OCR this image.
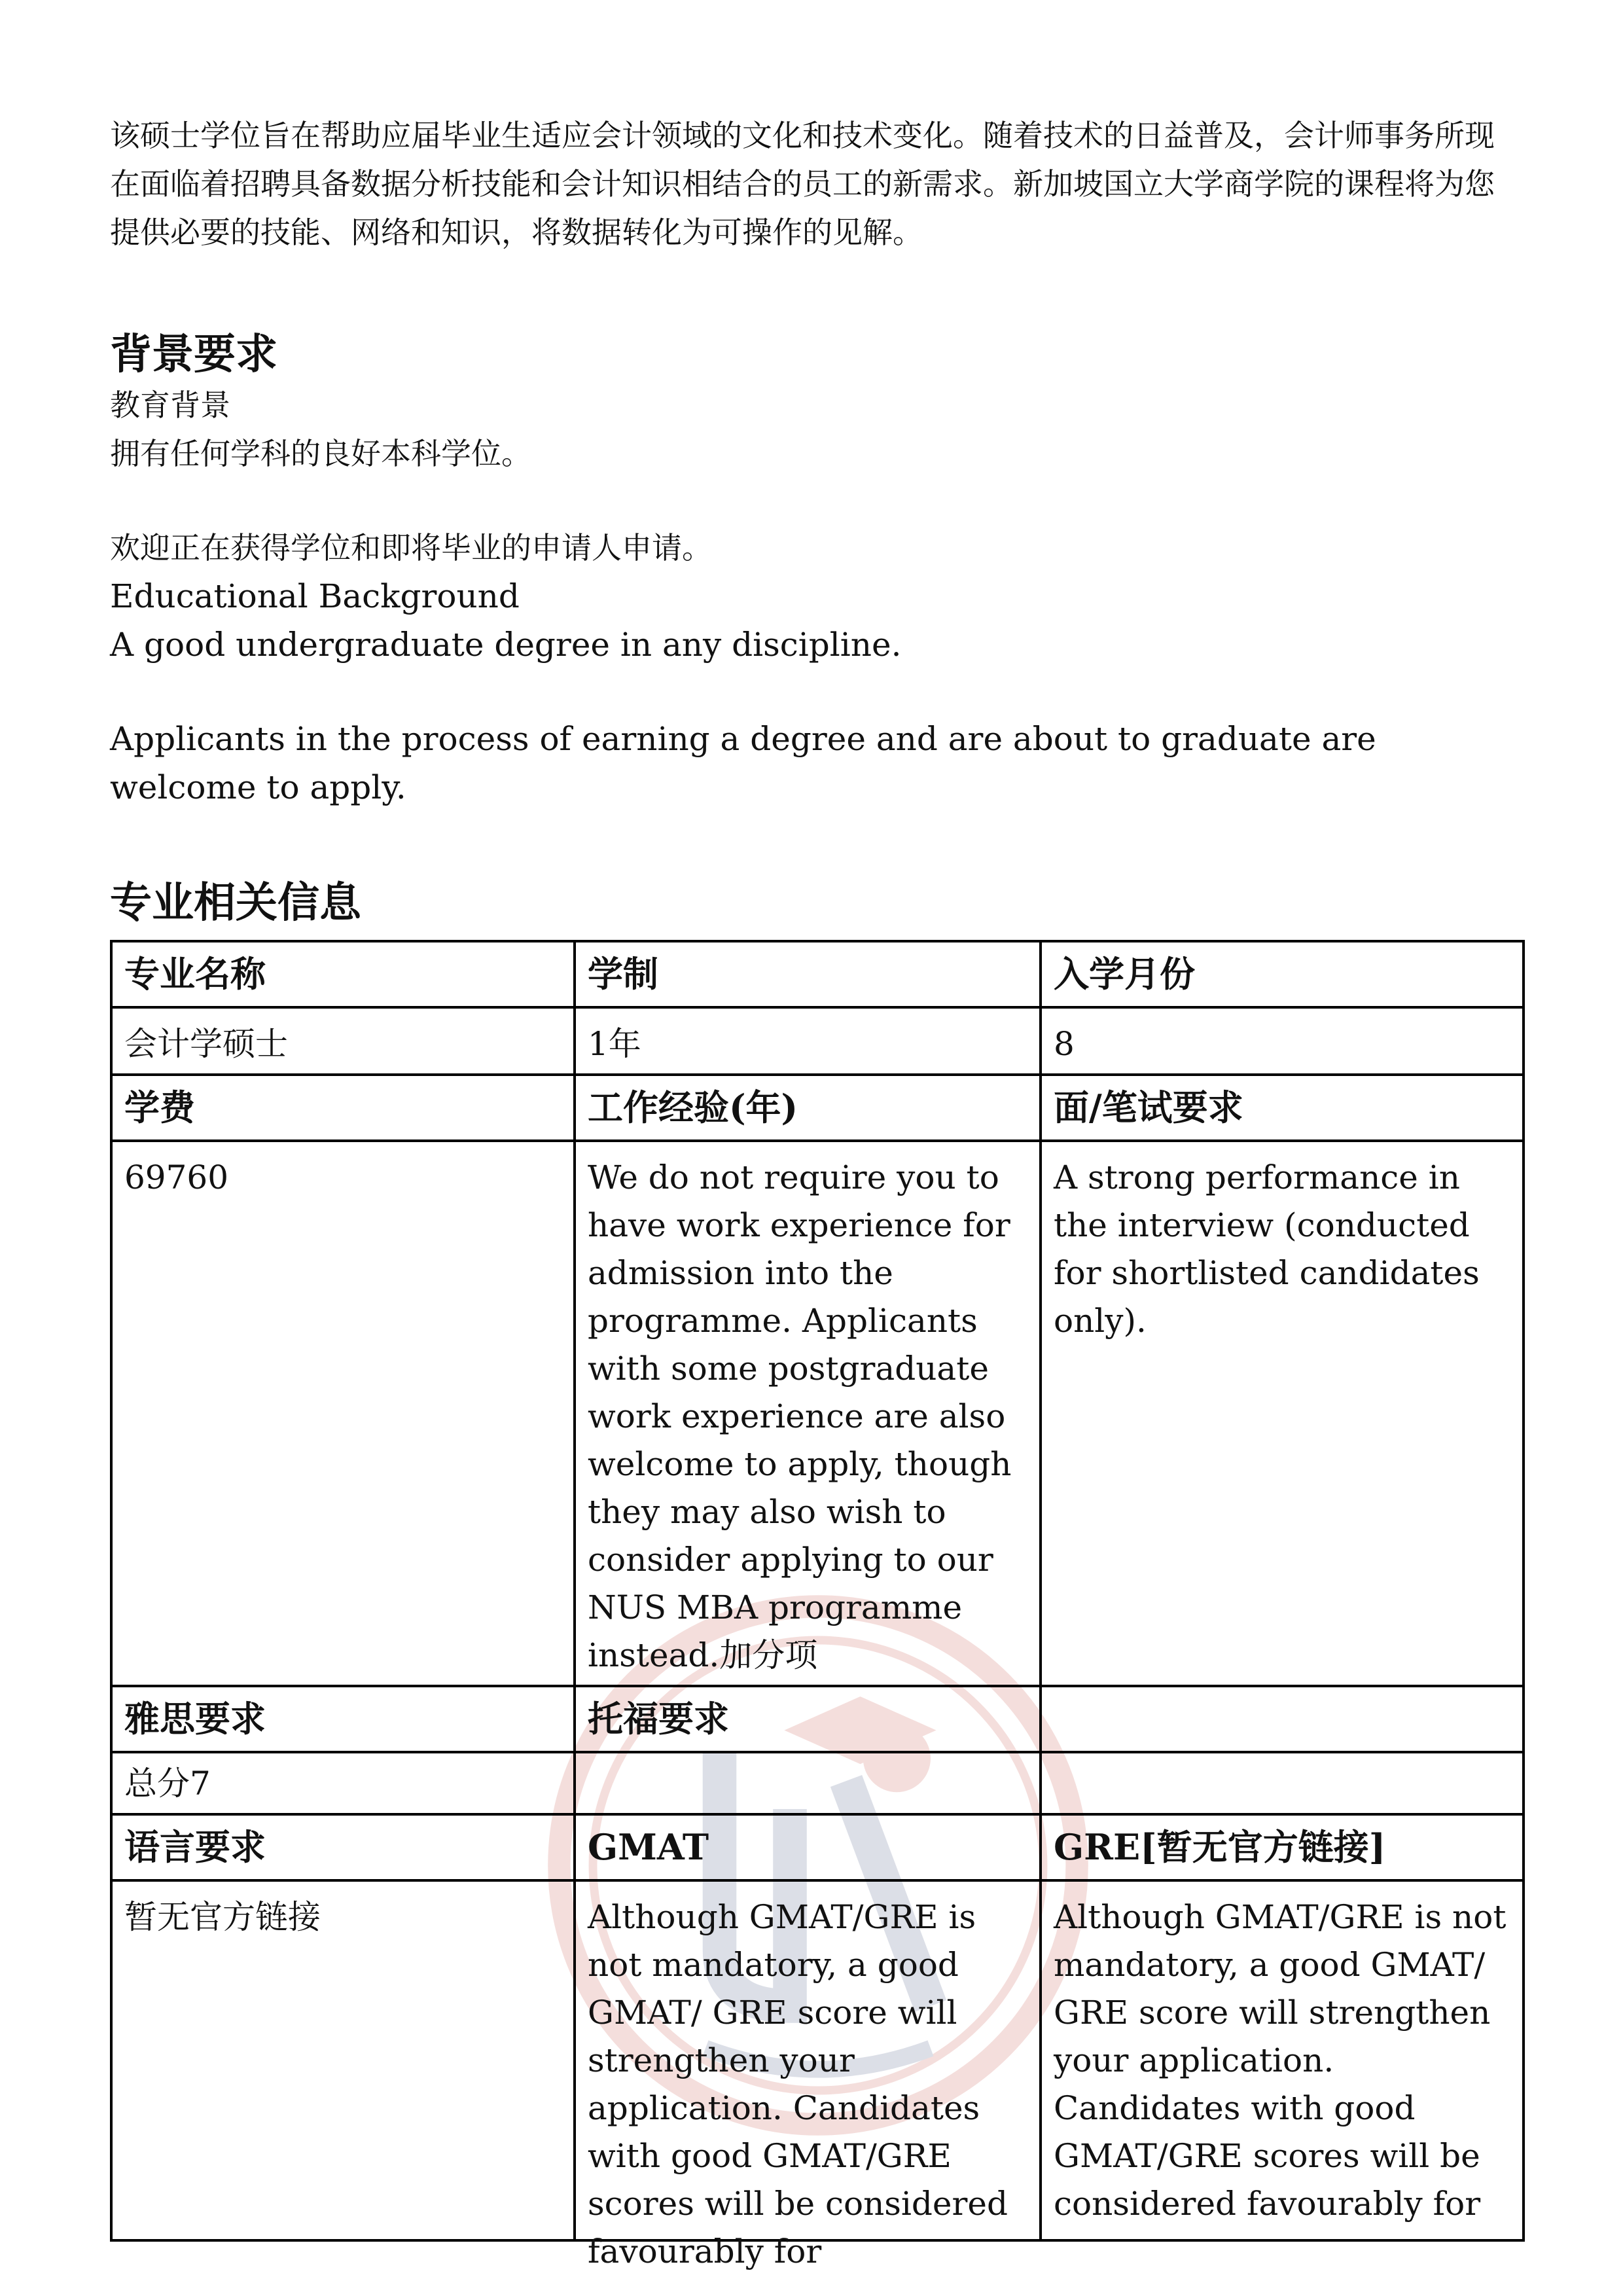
该硕士学位旨在帮助应届毕业生适应会计领域的文化和技术变化。随着技术的日益普及，会计师事务所现在面临着招聘具备数据分析技能和会计知识相结合的员工的新需求。新加坡国立大学商学院的课程将为您提供必要的技能、网络和知识，将数据转化为可操作的见解。

背景要求

教育背景

拥有任何学科的良好本科学位。

欢迎正在获得学位和即将毕业的申请人申请。

Educational Background

A good undergraduate degree in any discipline.

Applicants in the process of earning a degree and are about to graduate are welcome to apply.

专业相关信息
专业名称	学制	入学月份
会计学硕士	1年	8
学费	工作经验(年)	面/笔试要求
69760	We do not require you to have work experience for admission into the programme. Applicants with some postgraduate work experience are also welcome to apply, though they may also wish to consider applying to our NUS MBA programme instead.加分项	A strong performance in the interview (conducted for shortlisted candidates only).
雅思要求	托福要求	
总分7		
语言要求	GMAT	GRE[暂无官方链接]
暂无官方链接	Although GMAT/GRE is not mandatory, a good GMAT/ GRE score will strengthen your application. Candidates with good GMAT/GRE scores will be considered favourably for	Although GMAT/GRE is not mandatory, a good GMAT/ GRE score will strengthen your application. Candidates with good GMAT/GRE scores will be considered favourably for
